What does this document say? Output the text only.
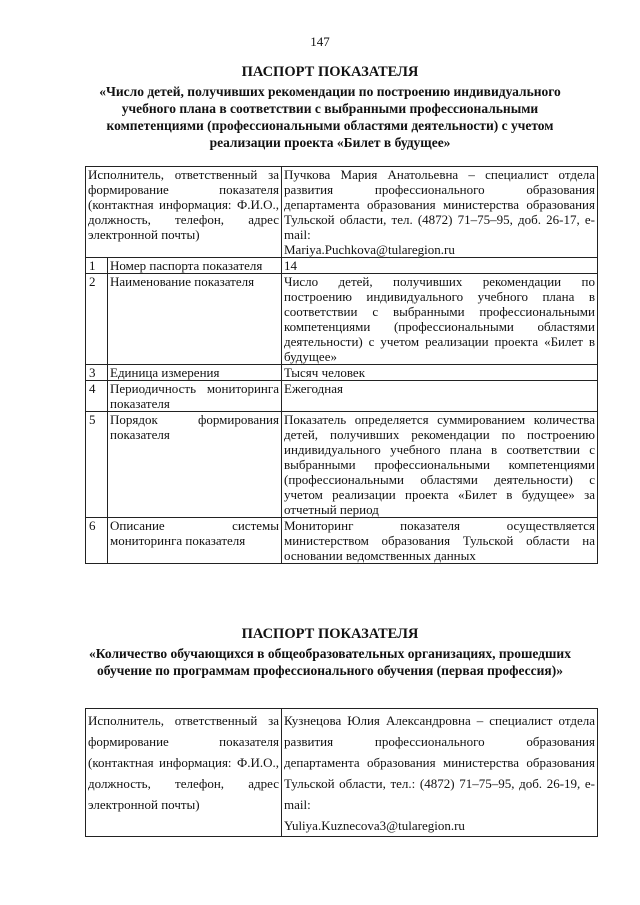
147
ПАСПОРТ ПОКАЗАТЕЛЯ
«Число детей, получивших рекомендации по построению индивидуального учебного плана в соответствии с выбранными профессиональными компетенциями (профессиональными областями деятельности) с учетом реализации проекта «Билет в будущее»
Исполнитель, ответственный за формирование показателя (контактная информация: Ф.И.О., должность, телефон, адрес электронной почты)		Пучкова Мария Анатольевна – специалист отдела развития профессионального образования департамента образования министерства образования Тульской области, тел. (4872) 71–75–95, доб. 26-17, e-mail:
Mariya.Puchkova@tularegion.ru

1	Номер паспорта показателя	14
2	Наименование показателя	Число детей, получивших рекомендации по построению индивидуального учебного плана в соответствии с выбранными профессиональными компетенциями (профессиональными областями деятельности) с учетом реализации проекта «Билет в будущее»
3	Единица измерения	Тысяч человек
4	Периодичность мониторинга показателя	Ежегодная
5	Порядок формирования показателя	Показатель определяется суммированием количества детей, получивших рекомендации по построению индивидуального учебного плана в соответствии с выбранными профессиональными компетенциями (профессиональными областями деятельности) с учетом реализации проекта «Билет в будущее» за отчетный период
6	Описание системы мониторинга показателя	Мониторинг показателя осуществляется министерством образования Тульской области на основании ведомственных данных
ПАСПОРТ ПОКАЗАТЕЛЯ
«Количество обучающихся в общеобразовательных организациях, прошедших обучение по программам профессионального обучения (первая профессия)»
Исполнитель, ответственный за формирование показателя (контактная информация: Ф.И.О., должность, телефон, адрес электронной почты)	Кузнецова Юлия Александровна – специалист отдела развития профессионального образования департамента образования министерства образования Тульской области, тел.: (4872) 71–75–95, доб. 26-19, e-mail:
Yuliya.Kuznecova3@tularegion.ru
